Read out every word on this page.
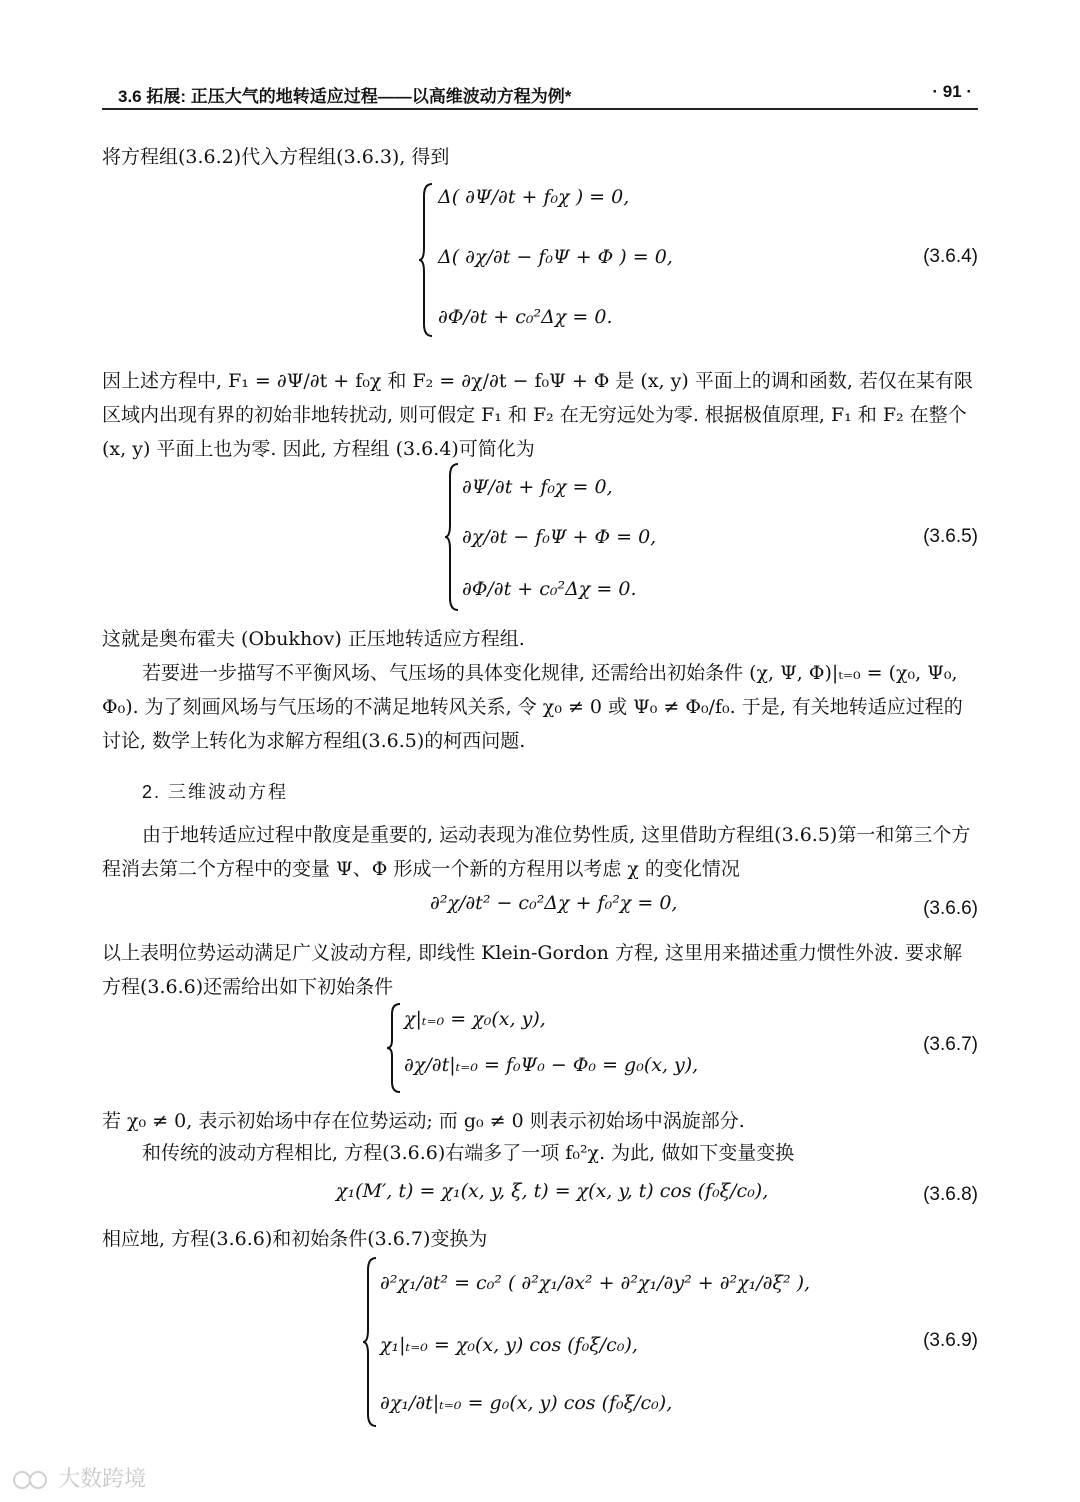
3.6 拓展: 正压大气的地转适应过程——以高维波动方程为例*	· 91 ·

将方程组(3.6.2)代入方程组(3.6.3), 得到

Δ( ∂Ψ/∂t + f₀χ ) = 0,
Δ( ∂χ/∂t − f₀Ψ + Φ ) = 0,
∂Φ/∂t + c₀²Δχ = 0.
(3.6.4)

因上述方程中, F₁ = ∂Ψ/∂t + f₀χ 和 F₂ = ∂χ/∂t − f₀Ψ + Φ 是 (x, y) 平面上的调和函数, 若仅在某有限区域内出现有界的初始非地转扰动, 则可假定 F₁ 和 F₂ 在无穷远处为零. 根据极值原理, F₁ 和 F₂ 在整个 (x, y) 平面上也为零. 因此, 方程组 (3.6.4)可简化为

∂Ψ/∂t + f₀χ = 0,
∂χ/∂t − f₀Ψ + Φ = 0,
∂Φ/∂t + c₀²Δχ = 0.
(3.6.5)

这就是奥布霍夫 (Obukhov) 正压地转适应方程组.

若要进一步描写不平衡风场、气压场的具体变化规律, 还需给出初始条件 (χ, Ψ, Φ)|ₜ₌₀ = (χ₀, Ψ₀, Φ₀). 为了刻画风场与气压场的不满足地转风关系, 令 χ₀ ≠ 0 或 Ψ₀ ≠ Φ₀/f₀. 于是, 有关地转适应过程的讨论, 数学上转化为求解方程组(3.6.5)的柯西问题.

2. 三维波动方程

由于地转适应过程中散度是重要的, 运动表现为准位势性质, 这里借助方程组(3.6.5)第一和第三个方程消去第二个方程中的变量 Ψ、Φ 形成一个新的方程用以考虑 χ 的变化情况

∂²χ/∂t² − c₀²Δχ + f₀²χ = 0,	(3.6.6)

以上表明位势运动满足广义波动方程, 即线性 Klein-Gordon 方程, 这里用来描述重力惯性外波. 要求解方程(3.6.6)还需给出如下初始条件

χ|ₜ₌₀ = χ₀(x, y),
∂χ/∂t|ₜ₌₀ = f₀Ψ₀ − Φ₀ = g₀(x, y),
(3.6.7)

若 χ₀ ≠ 0, 表示初始场中存在位势运动; 而 g₀ ≠ 0 则表示初始场中涡旋部分.

和传统的波动方程相比, 方程(3.6.6)右端多了一项 f₀²χ. 为此, 做如下变量变换

χ₁(M′, t) = χ₁(x, y, ξ, t) = χ(x, y, t) cos (f₀ξ/c₀),	(3.6.8)

相应地, 方程(3.6.6)和初始条件(3.6.7)变换为

∂²χ₁/∂t² = c₀² ( ∂²χ₁/∂x² + ∂²χ₁/∂y² + ∂²χ₁/∂ξ² ),
χ₁|ₜ₌₀ = χ₀(x, y) cos (f₀ξ/c₀),
∂χ₁/∂t|ₜ₌₀ = g₀(x, y) cos (f₀ξ/c₀),
(3.6.9)
大数跨境
